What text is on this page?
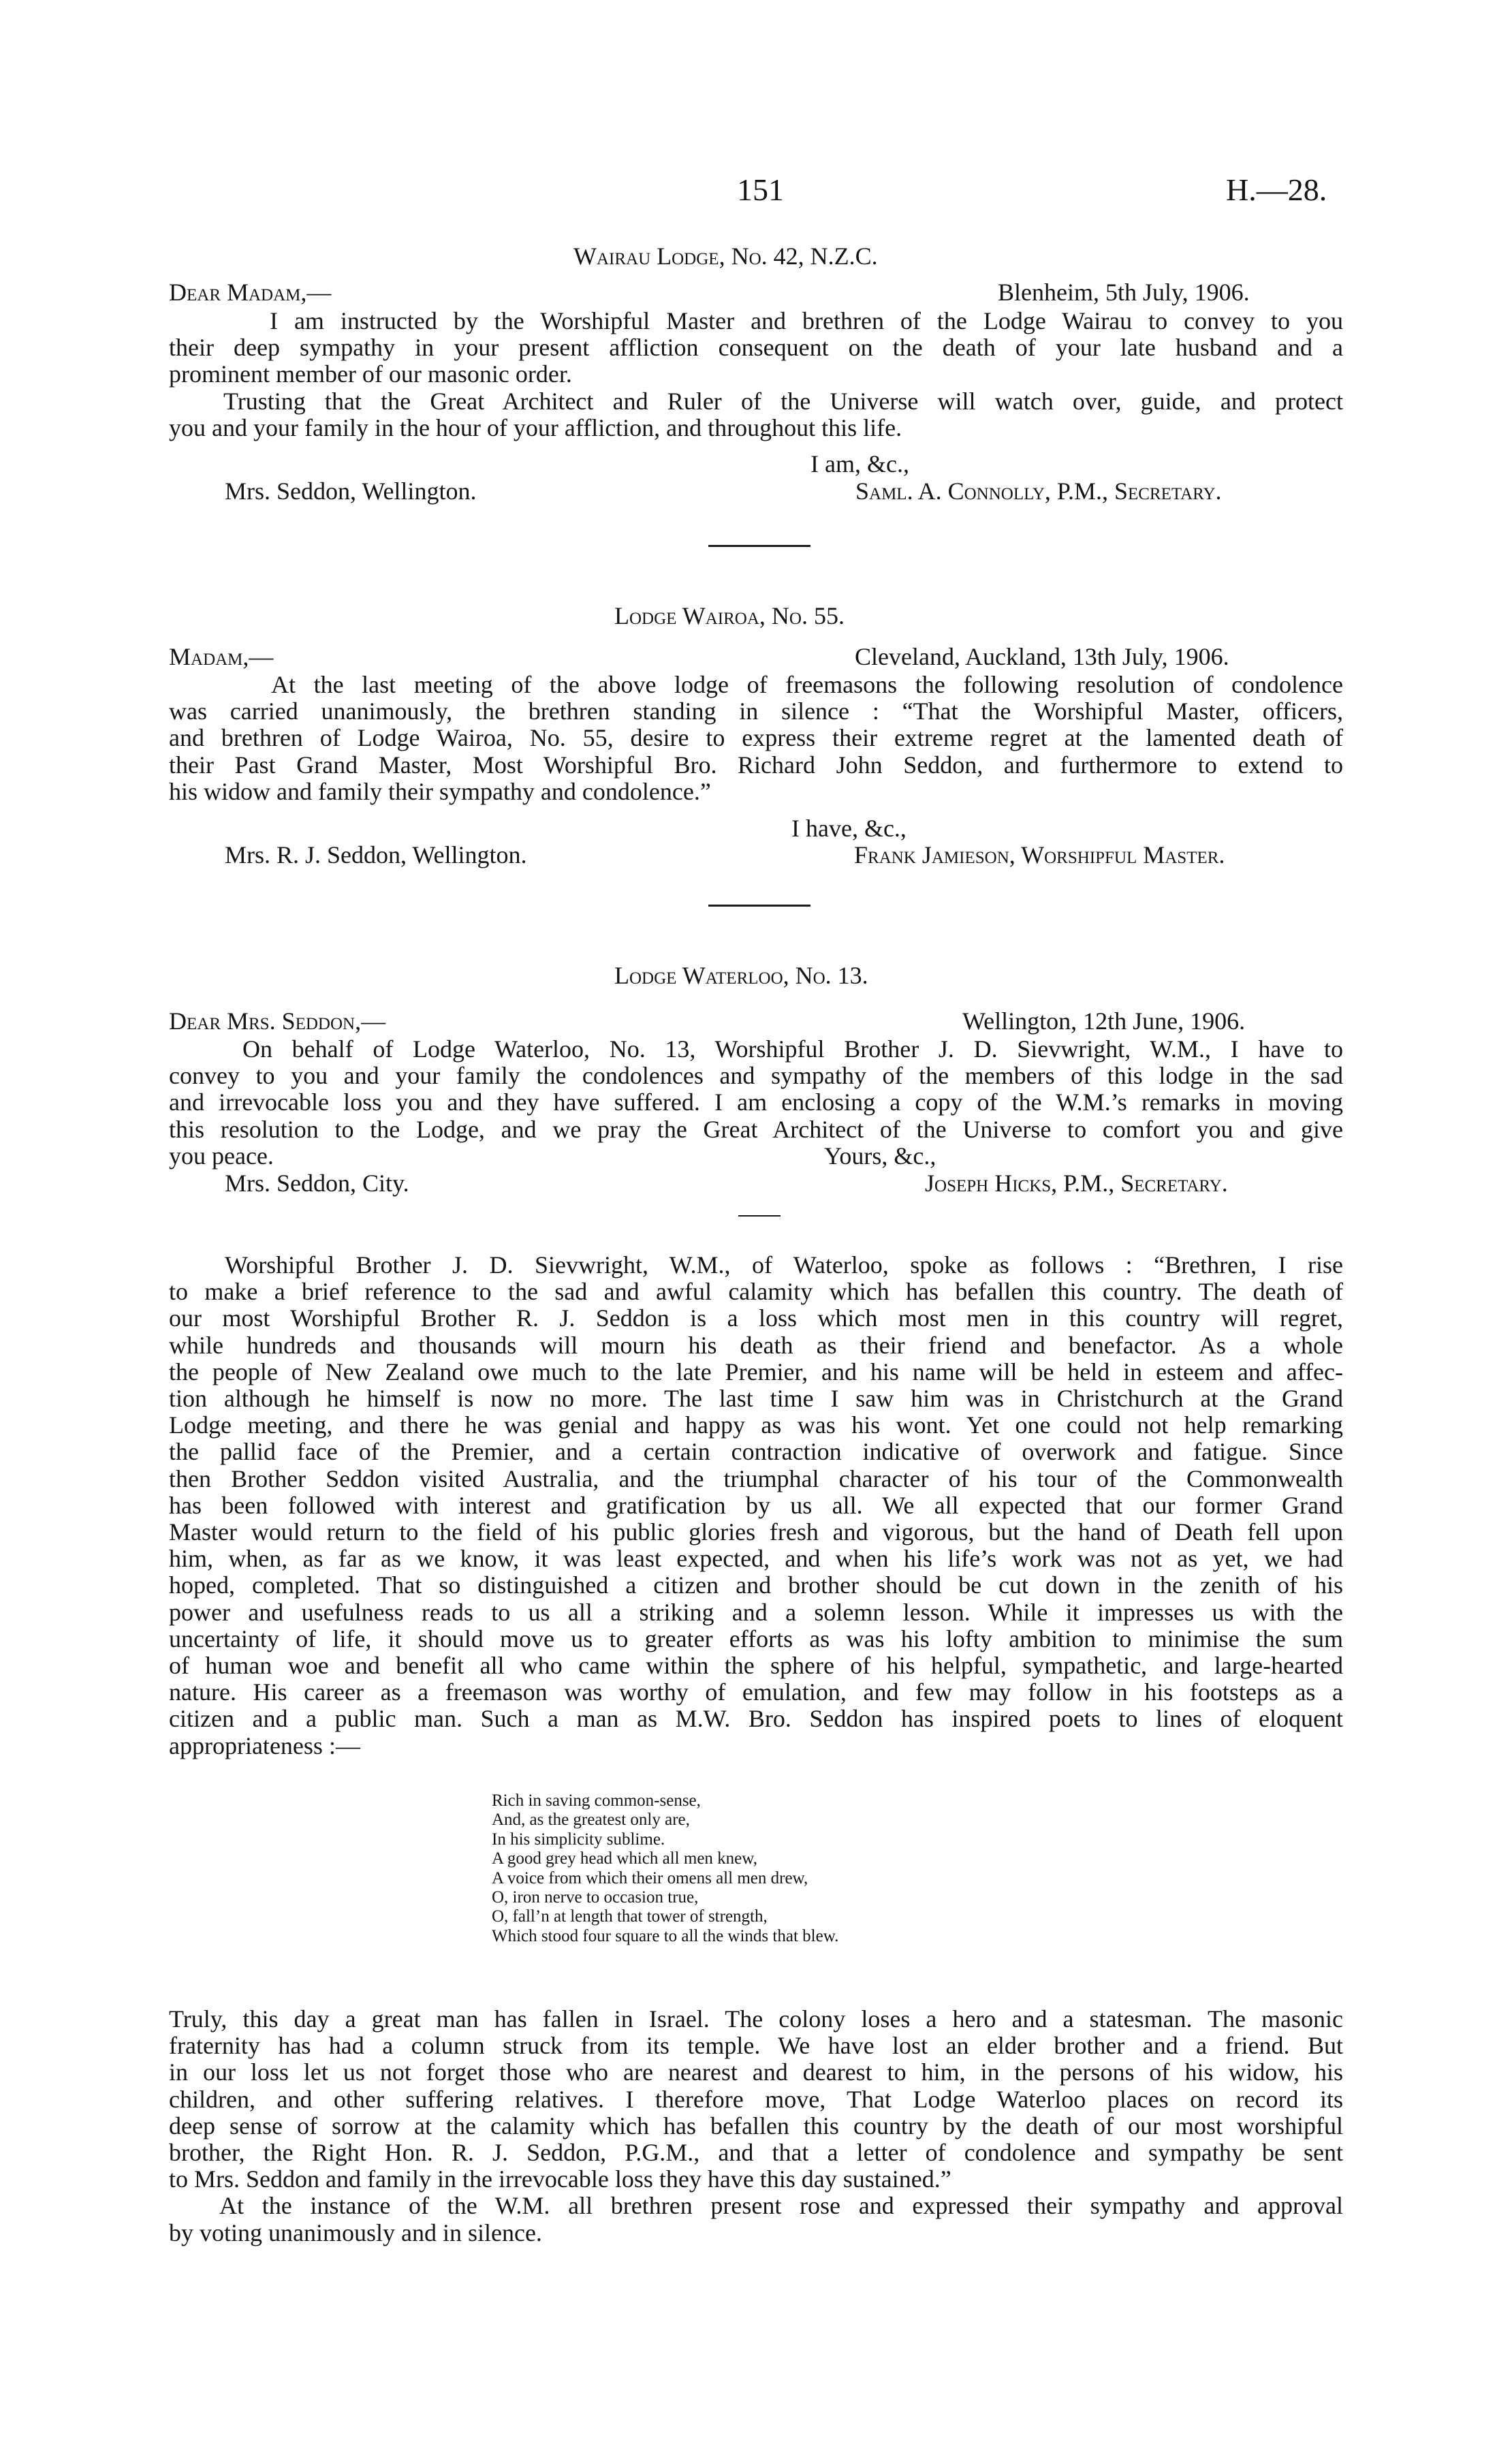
151	H.—28.
Wairau Lodge, No. 42, N.Z.C.
Dear Madam,—	Blenheim, 5th July, 1906.
I am instructed by the Worshipful Master and brethren of the Lodge Wairau to convey to you
their deep sympathy in your present affliction consequent on the death of your late husband and a
prominent member of our masonic order.
Trusting that the Great Architect and Ruler of the Universe will watch over, guide, and protect
you and your family in the hour of your affliction, and throughout this life.
I am, &c.,
Mrs. Seddon, Wellington.	Saml. A. Connolly, P.M., Secretary.
Lodge Wairoa, No. 55.
Madam,—	Cleveland, Auckland, 13th July, 1906.
At the last meeting of the above lodge of freemasons the following resolution of condolence
was carried unanimously, the brethren standing in silence : “That the Worshipful Master, officers,
and brethren of Lodge Wairoa, No. 55, desire to express their extreme regret at the lamented death of
their Past Grand Master, Most Worshipful Bro. Richard John Seddon, and furthermore to extend to
his widow and family their sympathy and condolence.”
I have, &c.,
Mrs. R. J. Seddon, Wellington.	Frank Jamieson, Worshipful Master.
Lodge Waterloo, No. 13.
Dear Mrs. Seddon,—	Wellington, 12th June, 1906.
On behalf of Lodge Waterloo, No. 13, Worshipful Brother J. D. Sievwright, W.M., I have to
convey to you and your family the condolences and sympathy of the members of this lodge in the sad
and irrevocable loss you and they have suffered. I am enclosing a copy of the W.M.’s remarks in moving
this resolution to the Lodge, and we pray the Great Architect of the Universe to comfort you and give
you peace.	Yours, &c.,
Mrs. Seddon, City.	Joseph Hicks, P.M., Secretary.
Worshipful Brother J. D. Sievwright, W.M., of Waterloo, spoke as follows : “Brethren, I rise
to make a brief reference to the sad and awful calamity which has befallen this country. The death of
our most Worshipful Brother R. J. Seddon is a loss which most men in this country will regret,
while hundreds and thousands will mourn his death as their friend and benefactor. As a whole
the people of New Zealand owe much to the late Premier, and his name will be held in esteem and affec-
tion although he himself is now no more. The last time I saw him was in Christchurch at the Grand
Lodge meeting, and there he was genial and happy as was his wont. Yet one could not help remarking
the pallid face of the Premier, and a certain contraction indicative of overwork and fatigue. Since
then Brother Seddon visited Australia, and the triumphal character of his tour of the Commonwealth
has been followed with interest and gratification by us all. We all expected that our former Grand
Master would return to the field of his public glories fresh and vigorous, but the hand of Death fell upon
him, when, as far as we know, it was least expected, and when his life’s work was not as yet, we had
hoped, completed. That so distinguished a citizen and brother should be cut down in the zenith of his
power and usefulness reads to us all a striking and a solemn lesson. While it impresses us with the
uncertainty of life, it should move us to greater efforts as was his lofty ambition to minimise the sum
of human woe and benefit all who came within the sphere of his helpful, sympathetic, and large-hearted
nature. His career as a freemason was worthy of emulation, and few may follow in his footsteps as a
citizen and a public man. Such a man as M.W. Bro. Seddon has inspired poets to lines of eloquent
appropriateness :—
Rich in saving common-sense,
And, as the greatest only are,
In his simplicity sublime.
A good grey head which all men knew,
A voice from which their omens all men drew,
O, iron nerve to occasion true,
O, fall’n at length that tower of strength,
Which stood four square to all the winds that blew.
Truly, this day a great man has fallen in Israel. The colony loses a hero and a statesman. The masonic
fraternity has had a column struck from its temple. We have lost an elder brother and a friend. But
in our loss let us not forget those who are nearest and dearest to him, in the persons of his widow, his
children, and other suffering relatives. I therefore move, That Lodge Waterloo places on record its
deep sense of sorrow at the calamity which has befallen this country by the death of our most worshipful
brother, the Right Hon. R. J. Seddon, P.G.M., and that a letter of condolence and sympathy be sent
to Mrs. Seddon and family in the irrevocable loss they have this day sustained.”
At the instance of the W.M. all brethren present rose and expressed their sympathy and approval
by voting unanimously and in silence.
